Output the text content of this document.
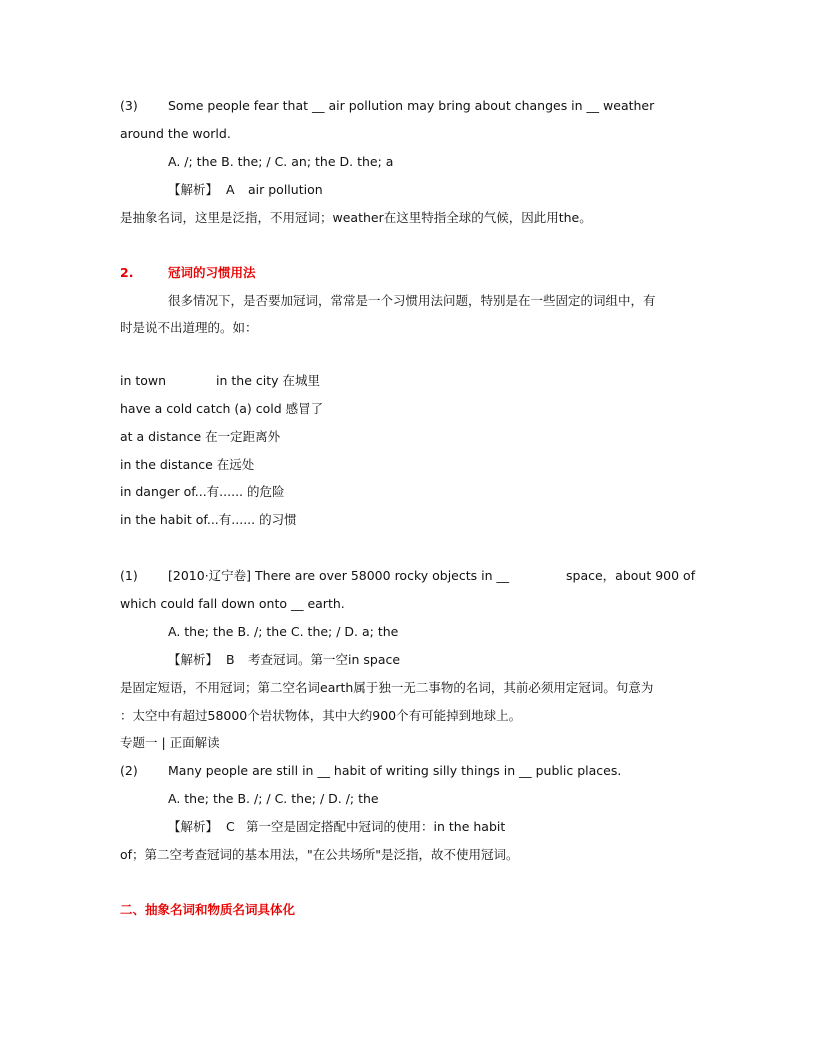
(3) Some people fear that __ air pollution may bring about changes in __ weather
around the world.
A. /; the B. the; / C. an; the D. the; a
【解析】 A air pollution
是抽象名词，这里是泛指，不用冠词；weather在这里特指全球的气候，因此用the。
2.	冠词的习惯用法
很多情况下，是否要加冠词，常常是一个习惯用法问题，特别是在一些固定的词组中，有
时是说不出道理的。如：
in town	in the city 在城里
have a cold catch (a) cold 感冒了
at a distance 在一定距离外
in the distance 在远处
in danger of...有...... 的危险
in the habit of...有...... 的习惯
(1) [2010·辽宁卷] There are over 58000 rocky objects in __	space，about 900 of
which could fall down onto __ earth.
A. the; the B. /; the C. the; / D. a; the
【解析】 B 考查冠词。第一空in space
是固定短语，不用冠词；第二空名词earth属于独一无二事物的名词，其前必须用定冠词。句意为
：太空中有超过58000个岩状物体，其中大约900个有可能掉到地球上。
专题一 | 正面解读
(2) Many people are still in __ habit of writing silly things in __ public places.
A. the; the B. /; / C. the; / D. /; the
【解析】 C 第一空是固定搭配中冠词的使用：in the habit
of；第二空考查冠词的基本用法，"在公共场所"是泛指，故不使用冠词。
二、抽象名词和物质名词具体化
